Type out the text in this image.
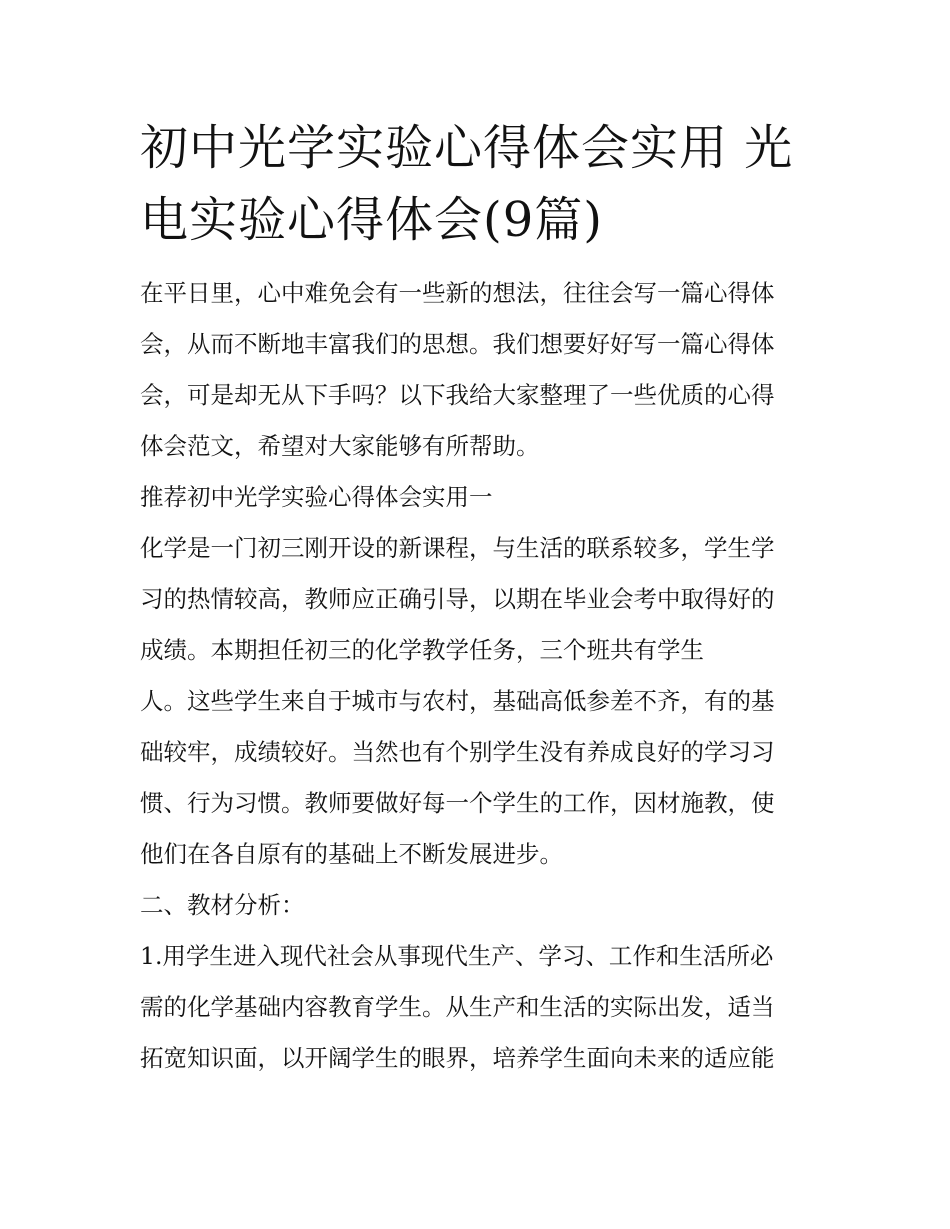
初中光学实验心得体会实用 光
电实验心得体会(9篇)

在平日里，心中难免会有一些新的想法，往往会写一篇心得体

会，从而不断地丰富我们的思想。我们想要好好写一篇心得体

会，可是却无从下手吗？以下我给大家整理了一些优质的心得

体会范文，希望对大家能够有所帮助。

推荐初中光学实验心得体会实用一

化学是一门初三刚开设的新课程，与生活的联系较多，学生学

习的热情较高，教师应正确引导，以期在毕业会考中取得好的

成绩。本期担任初三的化学教学任务，三个班共有学生

人。这些学生来自于城市与农村，基础高低参差不齐，有的基

础较牢，成绩较好。当然也有个别学生没有养成良好的学习习

惯、行为习惯。教师要做好每一个学生的工作，因材施教，使

他们在各自原有的基础上不断发展进步。

二、教材分析：

1.用学生进入现代社会从事现代生产、学习、工作和生活所必

需的化学基础内容教育学生。从生产和生活的实际出发，适当

拓宽知识面，以开阔学生的眼界，培养学生面向未来的适应能
